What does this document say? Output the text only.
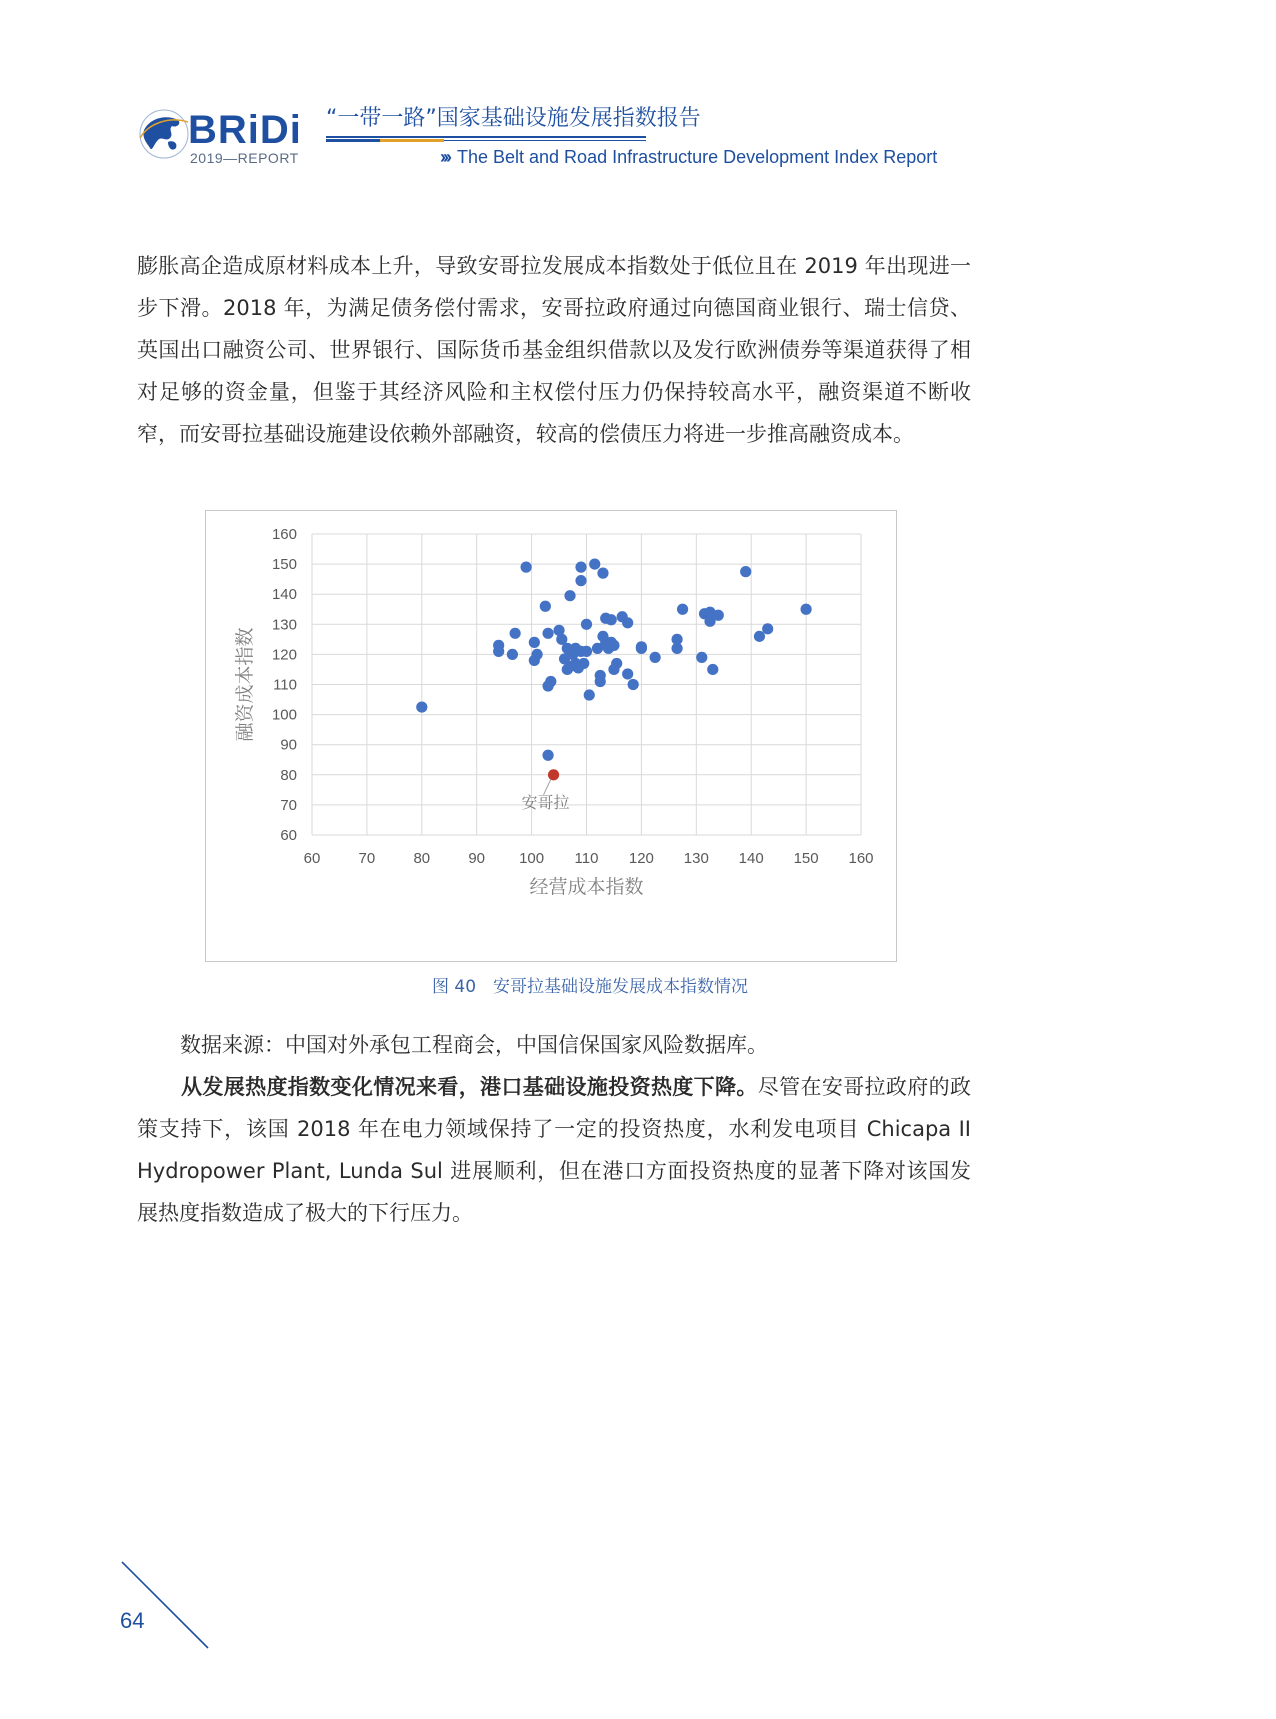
BRiDi
2019—REPORT
“一带一路”国家基础设施发展指数报告
››› The Belt and Road Infrastructure Development Index Report
膨胀高企造成原材料成本上升，导致安哥拉发展成本指数处于低位且在 2019 年出现进一步下滑。2018 年，为满足债务偿付需求，安哥拉政府通过向德国商业银行、瑞士信贷、英国出口融资公司、世界银行、国际货币基金组织借款以及发行欧洲债券等渠道获得了相对足够的资金量，但鉴于其经济风险和主权偿付压力仍保持较高水平，融资渠道不断收窄，而安哥拉基础设施建设依赖外部融资，较高的偿债压力将进一步推高融资成本。
60	70	80	90 100 110 120 130 140 150 160
60
70
80
90
100
110
120
130
140
150
160
经营成本指数
融资成本指数
安哥拉
图 40　安哥拉基础设施发展成本指数情况
数据来源：中国对外承包工程商会，中国信保国家风险数据库。
从发展热度指数变化情况来看，港口基础设施投资热度下降。尽管在安哥拉政府的政策支持下，该国 2018 年在电力领域保持了一定的投资热度，水利发电项目 Chicapa II Hydropower Plant, Lunda Sul 进展顺利，但在港口方面投资热度的显著下降对该国发展热度指数造成了极大的下行压力。
64
